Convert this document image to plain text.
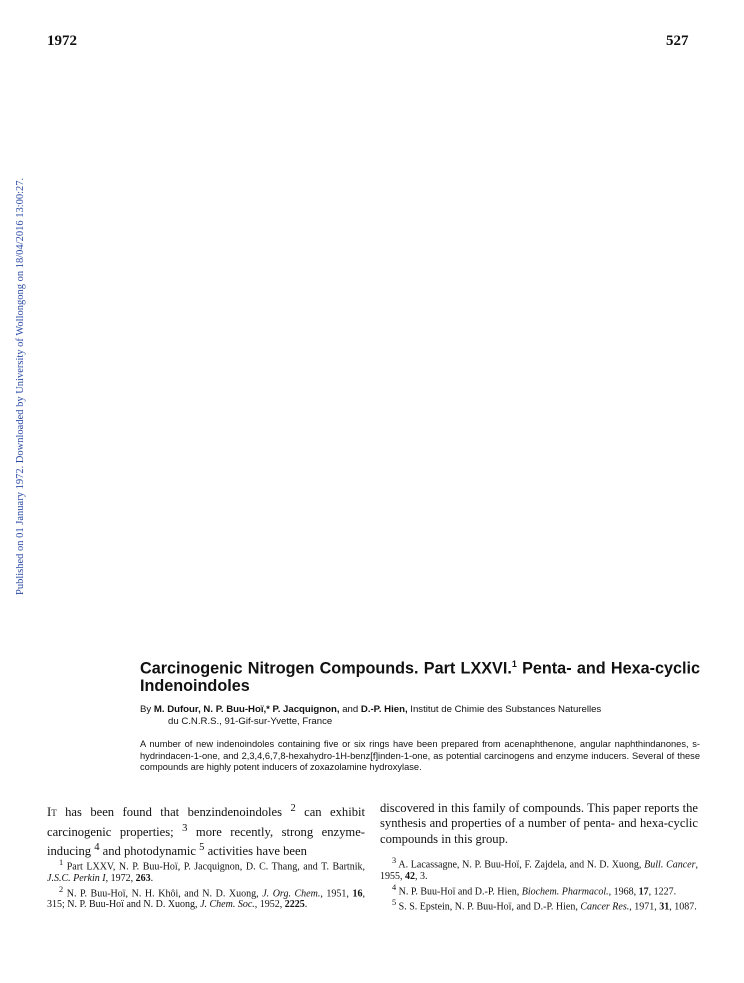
1972	527
Published on 01 January 1972. Downloaded by University of Wollongong on 18/04/2016 13:00:27.
Carcinogenic Nitrogen Compounds. Part LXXVI.$^1$ Penta- and Hexa-cyclic Indenoindoles
By M. Dufour, N. P. Buu-Hoï,* P. Jacquignon, and D.-P. Hien, Institut de Chimie des Substances Naturelles
du C.N.R.S., 91-Gif-sur-Yvette, France
A number of new indenoindoles containing five or six rings have been prepared from acenaphthenone, angular naphthindanones, s-hydrindacen-1-one, and 2,3,4,6,7,8-hexahydro-1H-benz[f]inden-1-one, as potential carcinogens and enzyme inducers. Several of these compounds are highly potent inducers of zoxazolamine hydroxylase.
It has been found that benzindenoindoles $^2$ can exhibit carcinogenic properties; $^3$ more recently, strong enzyme-inducing $^4$ and photodynamic $^5$ activities have been
discovered in this family of compounds. This paper reports the synthesis and properties of a number of penta- and hexa-cyclic compounds in this group.
$^1$ Part LXXV, N. P. Buu-Hoï, P. Jacquignon, D. C. Thang, and T. Bartnik, J.S.C. Perkin I, 1972, 263.
$^2$ N. P. Buu-Hoï, N. H. Khôi, and N. D. Xuong, J. Org. Chem., 1951, 16, 315; N. P. Buu-Hoï and N. D. Xuong, J. Chem. Soc., 1952, 2225.
$^3$ A. Lacassagne, N. P. Buu-Hoï, F. Zajdela, and N. D. Xuong, Bull. Cancer, 1955, 42, 3.
$^4$ N. P. Buu-Hoï and D.-P. Hien, Biochem. Pharmacol., 1968, 17, 1227.
$^5$ S. S. Epstein, N. P. Buu-Hoï, and D.-P. Hien, Cancer Res., 1971, 31, 1087.
